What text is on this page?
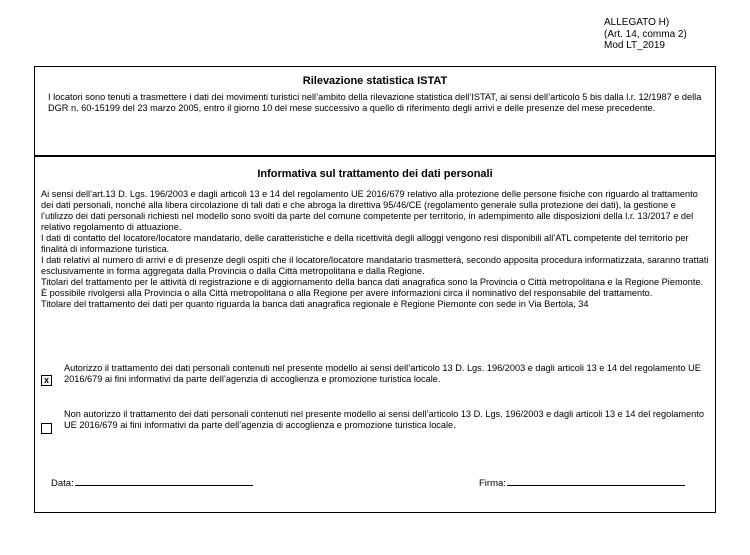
ALLEGATO H)
(Art. 14, comma 2)
Mod LT_2019

Rilevazione statistica ISTAT

I locatori sono tenuti a trasmettere i dati dei movimenti turistici nell’ambito della rilevazione statistica dell’ISTAT, ai sensi dell’articolo 5 bis dalla l.r. 12/1987 e della DGR n. 60-15199 del 23 marzo 2005, entro il giorno 10 del mese successivo a quello di riferimento degli arrivi e delle presenze del mese precedente.

Informativa sul trattamento dei dati personali

Ai sensi dell’art.13 D. Lgs. 196/2003 e dagli articoli 13 e 14 del regolamento UE 2016/679 relativo alla protezione delle persone fisiche con riguardo al trattamento dei dati personali, nonché alla libera circolazione di tali dati e che abroga la direttiva 95/46/CE (regolamento generale sulla protezione dei dati), la gestione e l’utilizzo dei dati personali richiesti nel modello sono svolti da parte del comune competente per territorio, in adempimento alle disposizioni della l.r. 13/2017 e del relativo regolamento di attuazione.

I dati di contatto del locatore/locatore mandatario, delle caratteristiche e della ricettività degli alloggi vengono resi disponibili all’ATL competente del territorio per finalità di informazione turistica.

I dati relativi al numero di arrivi e di presenze degli ospiti che il locatore/locatore mandatario trasmetterà, secondo apposita procedura informatizzata, saranno trattati esclusivamente in forma aggregata dalla Provincia o dalla Città metropolitana e dalla Regione.

Titolari del trattamento per le attività di registrazione e di aggiornamento della banca dati anagrafica sono la Provincia o Città metropolitana e la Regione Piemonte. È possibile rivolgersi alla Provincia o alla Città metropolitana o alla Regione per avere informazioni circa il nominativo del responsabile del trattamento.

Titolare del trattamento dei dati per quanto riguarda la banca dati anagrafica regionale è Regione Piemonte con sede in Via Bertola, 34

x
Autorizzo il trattamento dei dati personali contenuti nel presente modello ai sensi dell’articolo 13 D. Lgs. 196/2003 e dagli articoli 13 e 14 del regolamento UE 2016/679 ai fini informativi da parte dell’agenzia di accoglienza e promozione turistica locale.
Non autorizzo il trattamento dei dati personali contenuti nel presente modello ai sensi dell’articolo 13 D. Lgs. 196/2003 e dagli articoli 13 e 14 del regolamento UE 2016/679 ai fini informativi da parte dell’agenzia di accoglienza e promozione turistica locale.
Data:	Firma:
